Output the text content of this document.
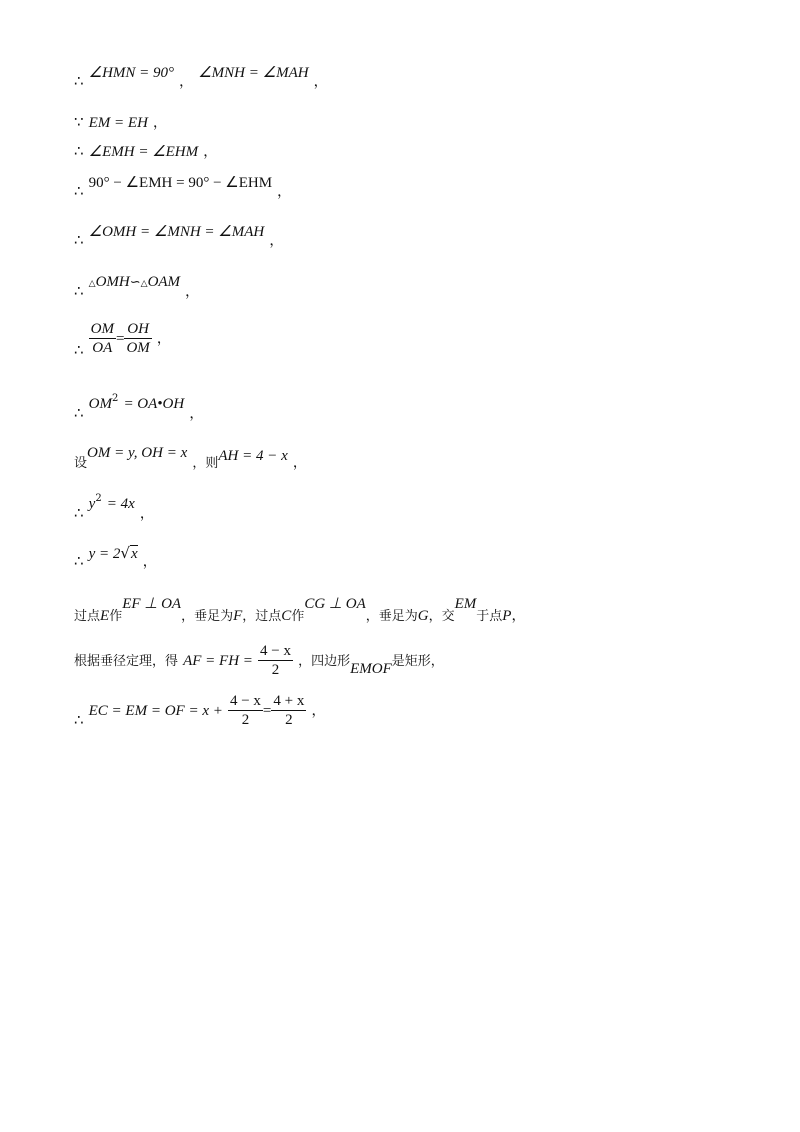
∴ ∠HMN = 90° ， ∠MNH = ∠MAH ，
∵ EM = EH ，
∴ ∠EMH = ∠EHM ，
∴ 90° − ∠EMH = 90° − ∠EHM ，
∴ ∠OMH = ∠MNH = ∠MAH ，
∴ △OMH∽△OAM ，
∴ $\frac{OM}{OA} = \frac{OH}{OM}$ ，
∴ $OM^2$ = OA•OH ，
$_设$OM = y, OH = x $_{,则}$AH = 4 − x ，
∴ $y^2 = 4x$ ，
∴ y = 2√x ，
$_{过点}E_作EF$ ⊥ $OA_{,垂足为}F_{,过点}C_作CG$ ⊥ $OA_{,垂足为}G_{,交}EM_{于点}P$，
根据垂径定理，得 AF = FH = $\frac{4 - x}{2}$ ，四边形EMOF是矩形，
∴ EC = EM = OF = $x + \frac{4 - x}{2} = \frac{4 + x}{2}$ ，
